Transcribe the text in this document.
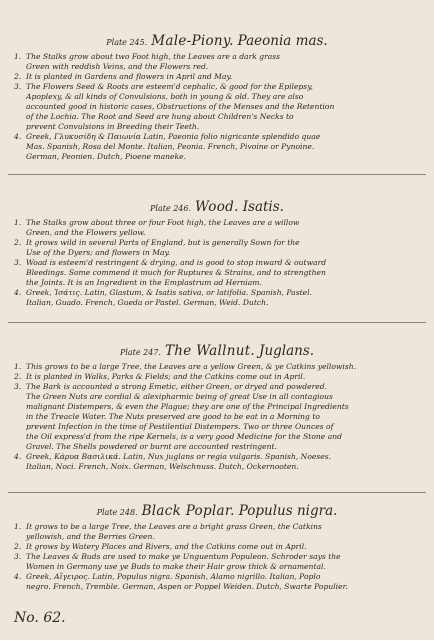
Plate 245. Male-Piony. Paeonia mas.
1. The Stalks grow about two Foot high, the Leaves are a dark grass
Green with reddish Veins, and the Flowers red.
2. It is planted in Gardens and flowers in April and May.
3. The Flowers Seed & Roots are esteem'd cephalic, & good for the Epilepsy,
Apoplexy, & all kinds of Convulsions, both in young & old. They are also
accounted good in historic cases, Obstructions of the Menses and the Retention
of the Lochia. The Root and Seed are hung about Children's Necks to
prevent Convulsions in Breeding their Teeth.
4. Greek, Γλυκυσίδη & Παιωνία Latin, Paeonia folio nigricante splendido quae
Mas. Spanish, Rosa del Monte. Italian, Peonia. French, Pivoine or Pynoine.
German, Peonien. Dutch, Pioene maneke.
Plate 246. Wood. Isatis.
1. The Stalks grow about three or four Foot high, the Leaves are a willow
Green, and the Flowers yellow.
2. It grows wild in several Parts of England, but is generally Sown for the
Use of the Dyers; and flowers in May.
3. Woad is esteem'd restringent & drying, and is good to stop inward & outward
Bleedings. Some commend it much for Ruptures & Strains, and to strengthen
the Joints. It is an Ingredient in the Emplastrum ad Herniam.
4. Greek, Ἰσάτις. Latin, Glastum, & Isatis sativa, or latifolia. Spanish, Pastel.
Italian, Guado. French, Gueda or Pastel. German, Weid. Dutch.
Plate 247. The Wallnut. Juglans.
1. This grows to be a large Tree, the Leaves are a yellow Green, & ye Catkins yellowish.
2. It is planted in Walks, Parks & Fields; and the Catkins come out in April.
3. The Bark is accounted a strong Emetic, either Green, or dryed and powdered.
The Green Nuts are cordial & alexipharmic being of great Use in all contagious
malignant Distempers, & even the Plague; they are one of the Principal Ingredients
in the Treacle Water. The Nuts preserved are good to be eat in a Morning to
prevent Infection in the time of Pestilential Distempers. Two or three Ounces of
the Oil express'd from the ripe Kernels, is a very good Medicine for the Stone and
Gravel. The Shells powdered or burnt are accounted restringent.
4. Greek, Κάρυα Βασιλικά. Latin, Nux juglans or regia vulgaris. Spanish, Noeses.
Italian, Noci. French, Noix. German, Welschnuss. Dutch, Ockernooten.
Plate 248. Black Poplar. Populus nigra.
1. It grows to be a large Tree, the Leaves are a bright grass Green, the Catkins
yellowish, and the Berries Green.
2. It grows by Watery Places and Rivers, and the Catkins come out in April.
3. The Leaves & Buds are used to make ye Unguentum Populeon. Schroder says the
Women in Germany use ye Buds to make their Hair grow thick & ornamental.
4. Greek, Αἴγειρος. Latin, Populus nigra. Spanish, Alamo nigrillo. Italian, Poplo
negro. French, Tremble. German, Aspen or Poppel Weiden. Dutch, Swarte Populier.
No. 62.
